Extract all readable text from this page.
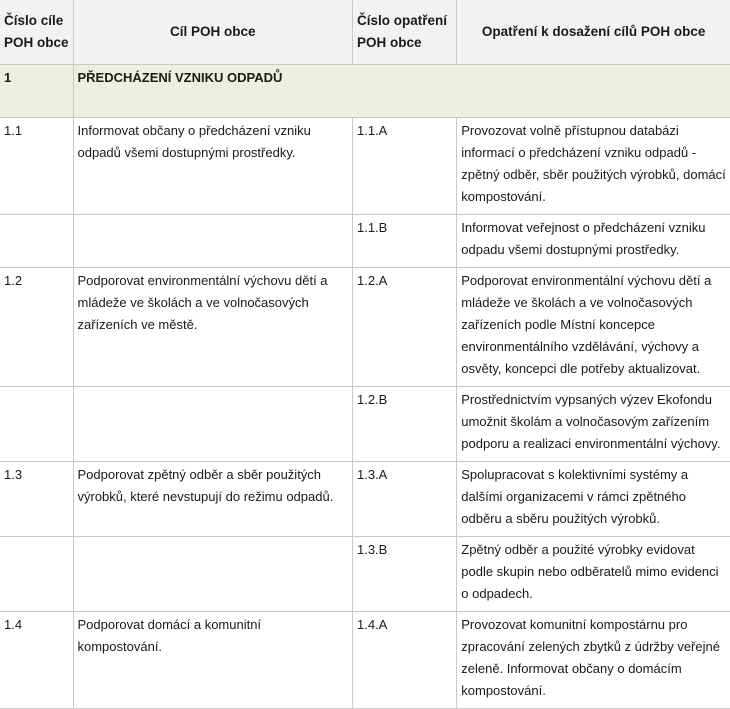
Číslo cíle POH obce	Cíl POH obce	Číslo opatření POH obce	Opatření k dosažení cílů POH obce
1	PŘEDCHÁZENÍ VZNIKU ODPADŮ		
1.1	Informovat občany o předcházení vzniku odpadů všemi dostupnými prostředky.	1.1.A	Provozovat volně přístupnou databázi informací o předcházení vzniku odpadů - zpětný odběr, sběr použitých výrobků, domácí kompostování.
		1.1.B	Informovat veřejnost o předcházení vzniku odpadu všemi dostupnými prostředky.
1.2	Podporovat environmentální výchovu dětí a mládeže ve školách a ve volnočasových zařízeních ve městě.	1.2.A	Podporovat environmentální výchovu dětí a mládeže ve školách a ve volnočasových zařízeních podle Místní koncepce environmentálního vzdělávání, výchovy a osvěty, koncepci dle potřeby aktualizovat.
		1.2.B	Prostřednictvím vypsaných výzev Ekofondu umožnit školám a volnočasovým zařízením podporu a realizaci environmentální výchovy.
1.3	Podporovat zpětný odběr a sběr použitých výrobků, které nevstupují do režimu odpadů.	1.3.A	Spolupracovat s kolektivními systémy a dalšími organizacemi v rámci zpětného odběru a sběru použitých výrobků.
		1.3.B	Zpětný odběr a použité výrobky evidovat podle skupin nebo odběratelů mimo evidenci o odpadech.
1.4	Podporovat domácí a komunitní kompostování.	1.4.A	Provozovat komunitní kompostárnu pro zpracování zelených zbytků z údržby veřejné zeleně. Informovat občany o domácím kompostování.
